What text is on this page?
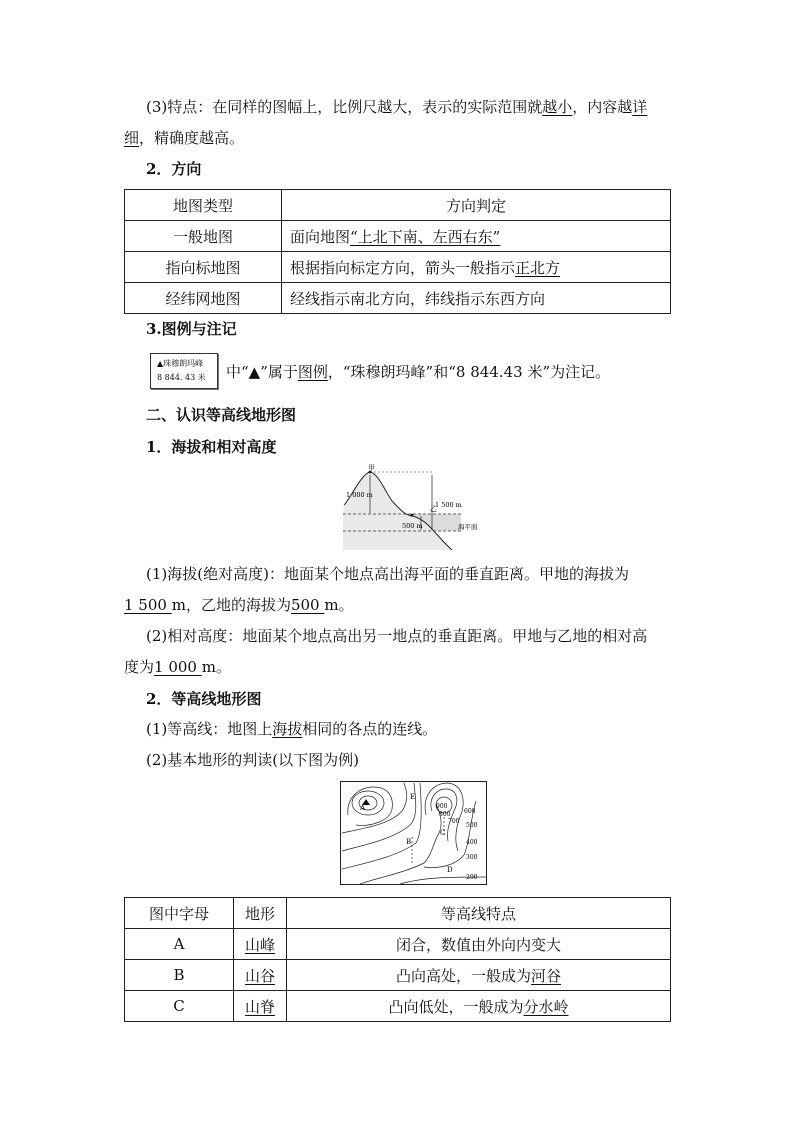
(3)特点：在同样的图幅上，比例尺越大，表示的实际范围就越小，内容越详
细，精确度越高。
2．方向
地图类型	方向判定
一般地图	面向地图“上北下南、左西右东”
指向标地图	根据指向标定方向，箭头一般指示正北方
经纬网地图	经线指示南北方向，纬线指示东西方向
3.图例与注记
▲珠穆朗玛峰
8 844. 43 米	中“▲”属于图例，“珠穆朗玛峰”和“8 844.43 米”为注记。
二、认识等高线地形图
1．海拔和相对高度
甲
乙
1 000 m
1 500 m
500 m	海平面
(1)海拔(绝对高度)：地面某个地点高出海平面的垂直距离。甲地的海拔为
1 500 m，乙地的海拔为500 m。
(2)相对高度：地面某个地点高出另一地点的垂直距离。甲地与乙地的相对高
度为1 000 m。
2．等高线地形图
(1)等高线：地图上海拔相同的各点的连线。
(2)基本地形的判读(以下图为例)
A
B
C
D
E
900
800
700
600
500
400
300
200
图中字母	地形	等高线特点
A	山峰	闭合，数值由外向内变大
B	山谷	凸向高处，一般成为河谷
C	山脊	凸向低处，一般成为分水岭
